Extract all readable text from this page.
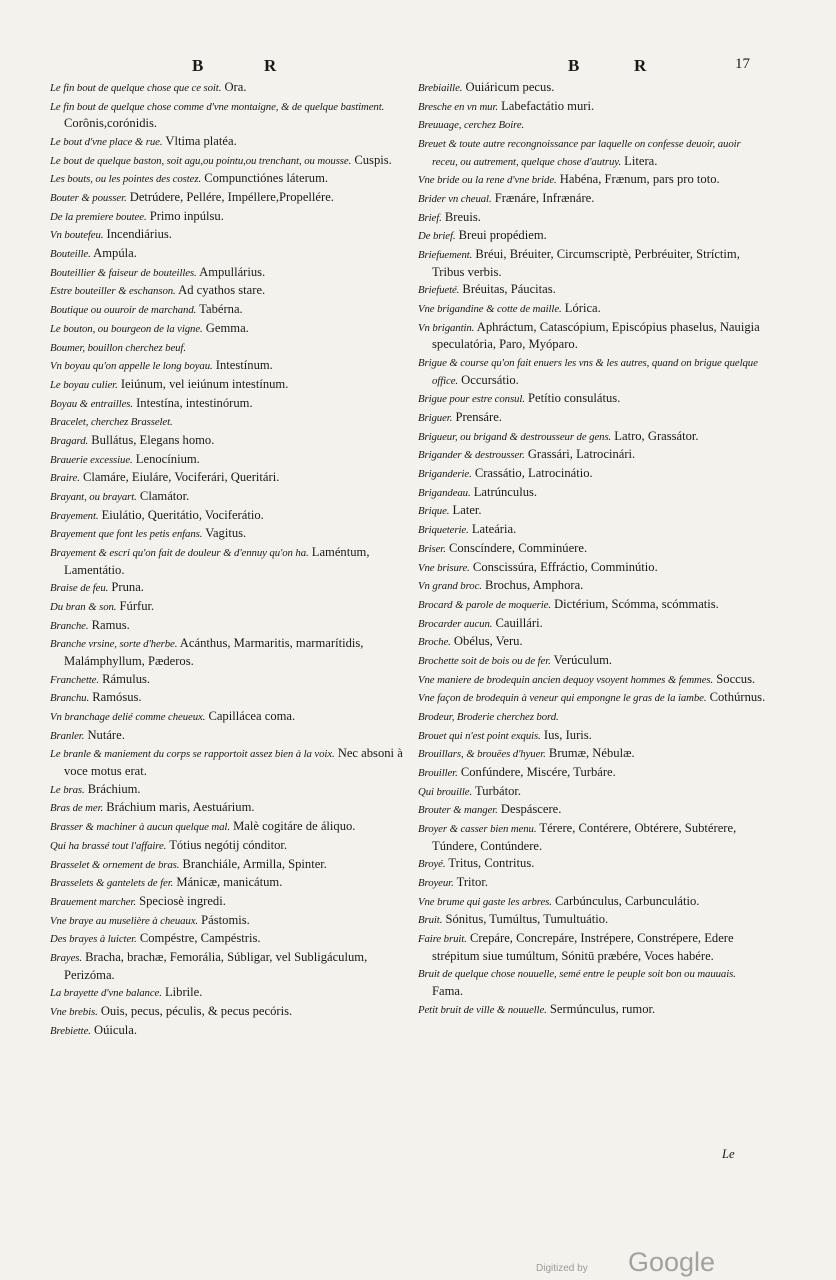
B	R	B	R	17
Le fin bout de quelque chose que ce soit. Ora.
Le fin bout de quelque chose comme d'vne montaigne, & de quelque bastiment. Corônis,corónidis.
Le bout d'vne place & rue. Vltima platéa.
Le bout de quelque baston, soit agu,ou pointu,ou trenchant, ou mousse. Cuspis.
Les bouts, ou les pointes des costez. Compunctiónes láterum.
Bouter & pousser. Detrúdere, Pellére, Impéllere,Propellére.
De la premiere boutee. Primo inpúlsu.
Vn boutefeu. Incendiárius.
Bouteille. Ampúla.
Bouteillier & faiseur de bouteilles. Ampullárius.
Estre bouteiller & eschanson. Ad cyathos stare.
Boutique ou ouuroir de marchand. Tabérna.
Le bouton, ou bourgeon de la vigne. Gemma.
Boumer, bouillon cherchez beuf.
Vn boyau qu'on appelle le long boyau. Intestínum.
Le boyau culier. Ieiúnum, vel ieiúnum intestínum.
Boyau & entrailles. Intestína, intestinórum.
Bracelet, cherchez Brasselet.
Bragard. Bullátus, Elegans homo.
Brauerie excessiue. Lenocínium.
Braire. Clamáre, Eiuláre, Vociferári, Queritári.
Brayant, ou brayart. Clamátor.
Brayement. Eiulátio, Queritátio, Vociferátio.
Brayement que font les petis enfans. Vagitus.
Brayement & escri qu'on fait de douleur & d'ennuy qu'on ha. Laméntum, Lamentátio.
Braise de feu. Pruna.
Du bran & son. Fúrfur.
Branche. Ramus.
Branche vrsine, sorte d'herbe. Acánthus, Marmaritis, marmarítidis, Malámphyllum, Pæderos.
Franchette. Rámulus.
Branchu. Ramósus.
Vn branchage delié comme cheueux. Capillácea coma.
Branler. Nutáre.
Le branle & maniement du corps se rapportoit assez bien à la voix. Nec absoni à voce motus erat.
Le bras. Bráchium.
Bras de mer. Bráchium maris, Aestuárium.
Brasser & machiner à aucun quelque mal. Malè cogitáre de áliquo.
Qui ha brassé tout l'affaire. Tótius negótij cónditor.
Brasselet & ornement de bras. Branchiále, Armilla, Spinter.
Brasselets & gantelets de fer. Mánicæ, manicátum.
Brauement marcher. Speciosè ingredi.
Vne braye au muselière à cheuaux. Pástomis.
Des brayes à luicter. Compéstre, Campéstris.
Brayes. Bracha, brachæ, Femorália, Súbligar, vel Subligáculum, Perizóma.
La brayette d'vne balance. Librile.
Vne brebis. Ouis, pecus, péculis, & pecus pecóris.
Brebiette. Oúicula.
Brebiaille. Ouiáricum pecus.
Bresche en vn mur. Labefactátio muri.
Breuuage, cerchez Boire.
Breuet & toute autre recongnoissance par laquelle on confesse deuoir, auoir receu, ou autrement, quelque chose d'autruy. Litera.
Vne bride ou la rene d'vne bride. Habéna, Frænum, pars pro toto.
Brider vn cheual. Frænáre, Infrænáre.
Brief. Breuis.
De brief. Breui propédiem.
Briefuement. Bréui, Bréuiter, Circumscriptè, Perbréuiter, Stríctim, Tribus verbis.
Briefueté. Bréuitas, Páucitas.
Vne brigandine & cotte de maille. Lórica.
Vn brigantin. Aphráctum, Catascópium, Episcópius phaselus, Nauigia speculatória, Paro, Myóparo.
Brigue & course qu'on fait enuers les vns & les autres, quand on brigue quelque office. Occursátio.
Brigue pour estre consul. Petítio consulátus.
Briguer. Prensáre.
Brigueur, ou brigand & destrousseur de gens. Latro, Grassátor.
Brigander & destrousser. Grassári, Latrocinári.
Briganderie. Crassátio, Latrocinátio.
Brigandeau. Latrúnculus.
Brique. Later.
Briqueterie. Lateária.
Briser. Conscíndere, Comminúere.
Vne brisure. Conscissúra, Effráctio, Comminútio.
Vn grand broc. Brochus, Amphora.
Brocard & parole de moquerie. Dictérium, Scómma, scómmatis.
Brocarder aucun. Cauillári.
Broche. Obélus, Veru.
Brochette soit de bois ou de fer. Verúculum.
Vne maniere de brodequin ancien dequoy vsoyent hommes & femmes. Soccus.
Vne façon de brodequin à veneur qui empongne le gras de la iambe. Cothúrnus.
Brodeur, Broderie cherchez bord.
Brouet qui n'est point exquis. Ius, Iuris.
Brouillars, & brouëes d'hyuer. Brumæ, Nébulæ.
Brouiller. Confúndere, Miscére, Turbáre.
Qui brouille. Turbátor.
Brouter & manger. Despáscere.
Broyer & casser bien menu. Térere, Contérere, Obtérere, Subtérere, Túndere, Contúndere.
Broyé. Tritus, Contritus.
Broyeur. Tritor.
Vne brume qui gaste les arbres. Carbúnculus, Carbunculátio.
Bruit. Sónitus, Tumúltus, Tumultuátio.
Faire bruit. Crepáre, Concrepáre, Instrépere, Constrépere, Edere strépitum siue tumúltum, Sónitū præbére, Voces habére.
Bruit de quelque chose nouuelle, semé entre le peuple soit bon ou mauuais. Fama.
Petit bruit de ville & nouuelle. Sermúnculus, rumor.
Le
Digitized by Google
